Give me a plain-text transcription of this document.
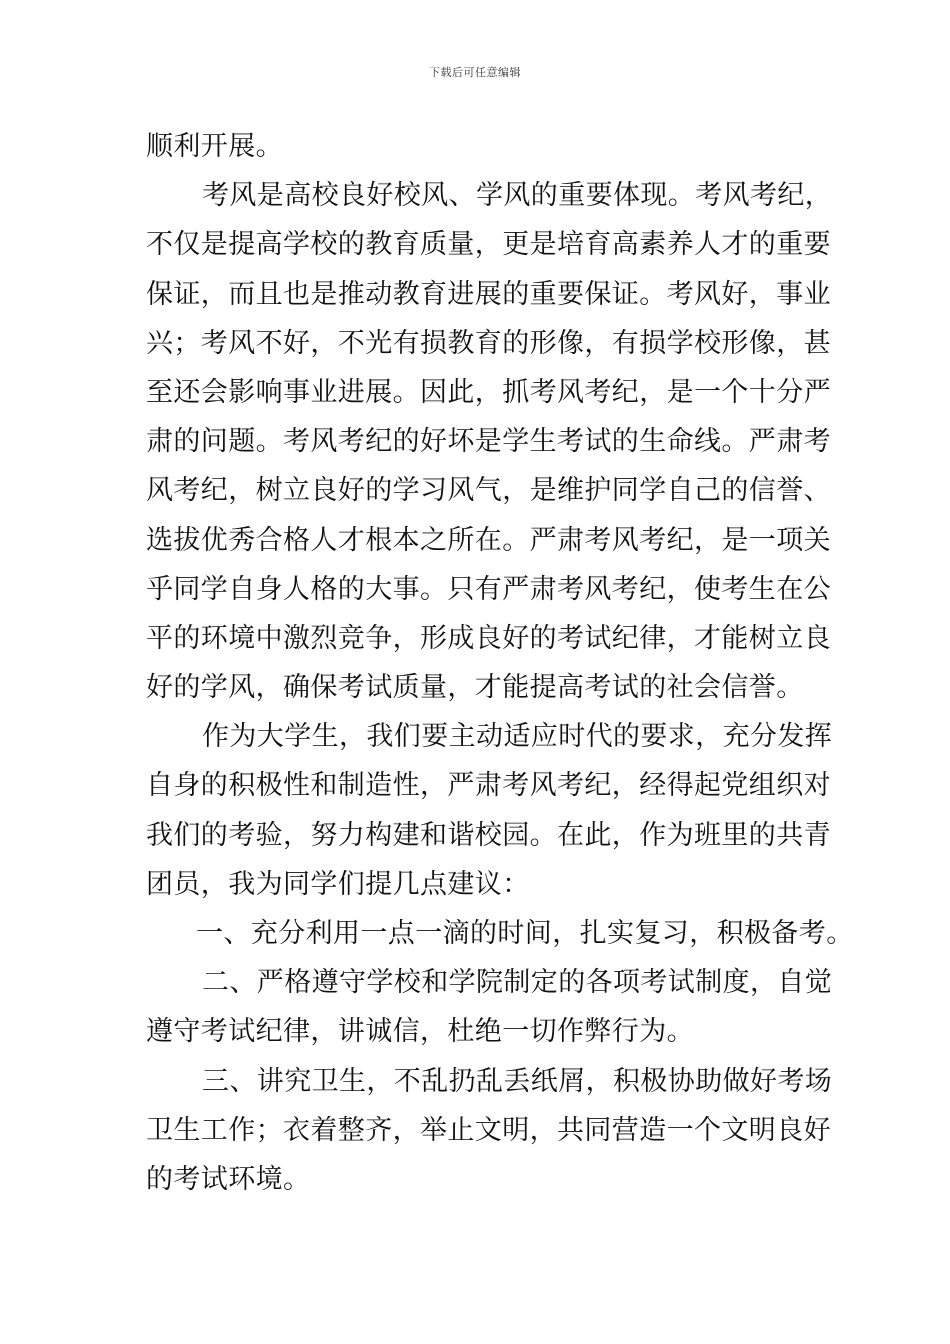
下载后可任意编辑
顺利开展。
考风是高校良好校风、学风的重要体现。考风考纪，
不仅是提高学校的教育质量，更是培育高素养人才的重要
保证，而且也是推动教育进展的重要保证。考风好，事业
兴；考风不好，不光有损教育的形像，有损学校形像，甚
至还会影响事业进展。因此，抓考风考纪，是一个十分严
肃的问题。考风考纪的好坏是学生考试的生命线。严肃考
风考纪，树立良好的学习风气，是维护同学自己的信誉、
选拔优秀合格人才根本之所在。严肃考风考纪，是一项关
乎同学自身人格的大事。只有严肃考风考纪，使考生在公
平的环境中激烈竞争，形成良好的考试纪律，才能树立良
好的学风，确保考试质量，才能提高考试的社会信誉。
作为大学生，我们要主动适应时代的要求，充分发挥
自身的积极性和制造性，严肃考风考纪，经得起党组织对
我们的考验，努力构建和谐校园。在此，作为班里的共青
团员，我为同学们提几点建议：
一、充分利用一点一滴的时间，扎实复习，积极备考。
二、严格遵守学校和学院制定的各项考试制度，自觉
遵守考试纪律，讲诚信，杜绝一切作弊行为。
三、讲究卫生，不乱扔乱丢纸屑，积极协助做好考场
卫生工作；衣着整齐，举止文明，共同营造一个文明良好
的考试环境。
